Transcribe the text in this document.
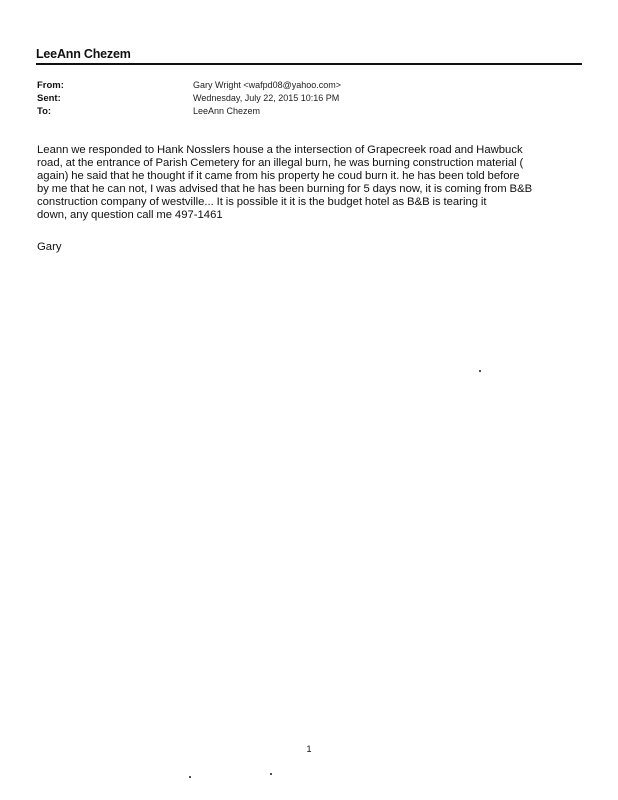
LeeAnn Chezem
From:	Gary Wright <wafpd08@yahoo.com>
Sent:	Wednesday, July 22, 2015 10:16 PM
To:	LeeAnn Chezem
Leann we responded to Hank Nosslers house a the intersection of Grapecreek road and Hawbuck
road, at the entrance of Parish Cemetery for an illegal burn, he was burning construction material (
again) he said that he thought if it came from his property he coud burn it. he has been told before
by me that he can not, I was advised that he has been burning for 5 days now, it is coming from B&B
construction company of westville... It is possible it it is the budget hotel as B&B is tearing it
down, any question call me 497-1461
Gary
1
